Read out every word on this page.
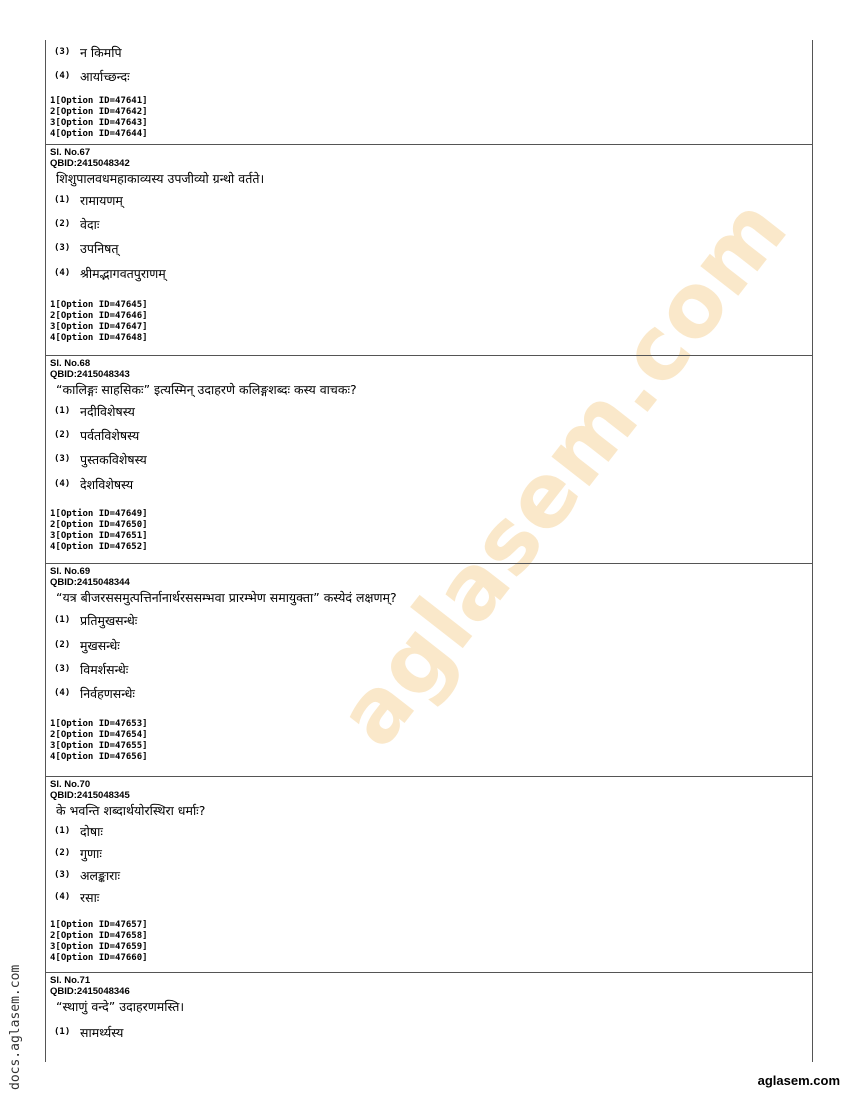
aglasem.com
(3) न किमपि
(4) आर्याच्छन्दः
1[Option ID=47641]
2[Option ID=47642]
3[Option ID=47643]
4[Option ID=47644]
Sl. No.67
QBID:2415048342
शिशुपालवधमहाकाव्यस्य उपजीव्यो ग्रन्थो वर्तते।
(1) रामायणम्
(2) वेदाः
(3) उपनिषत्
(4) श्रीमद्भागवतपुराणम्
1[Option ID=47645]
2[Option ID=47646]
3[Option ID=47647]
4[Option ID=47648]
Sl. No.68
QBID:2415048343
“कालिङ्गः साहसिकः” इत्यस्मिन् उदाहरणे कलिङ्गशब्दः कस्य वाचकः?
(1) नदीविशेषस्य
(2) पर्वतविशेषस्य
(3) पुस्तकविशेषस्य
(4) देशविशेषस्य
1[Option ID=47649]
2[Option ID=47650]
3[Option ID=47651]
4[Option ID=47652]
Sl. No.69
QBID:2415048344
“यत्र बीजरससमुत्पत्तिर्नानार्थरससम्भवा प्रारम्भेण समायुक्ता” कस्येदं लक्षणम्?
(1) प्रतिमुखसन्धेः
(2) मुखसन्धेः
(3) विमर्शसन्धेः
(4) निर्वहणसन्धेः
1[Option ID=47653]
2[Option ID=47654]
3[Option ID=47655]
4[Option ID=47656]
Sl. No.70
QBID:2415048345
के भवन्ति शब्दार्थयोरस्थिरा धर्माः?
(1) दोषाः
(2) गुणाः
(3) अलङ्काराः
(4) रसाः
1[Option ID=47657]
2[Option ID=47658]
3[Option ID=47659]
4[Option ID=47660]
Sl. No.71
QBID:2415048346
“स्थाणुं वन्दे” उदाहरणमस्ति।
(1) सामर्थ्यस्य
docs.aglasem.com	aglasem.com
